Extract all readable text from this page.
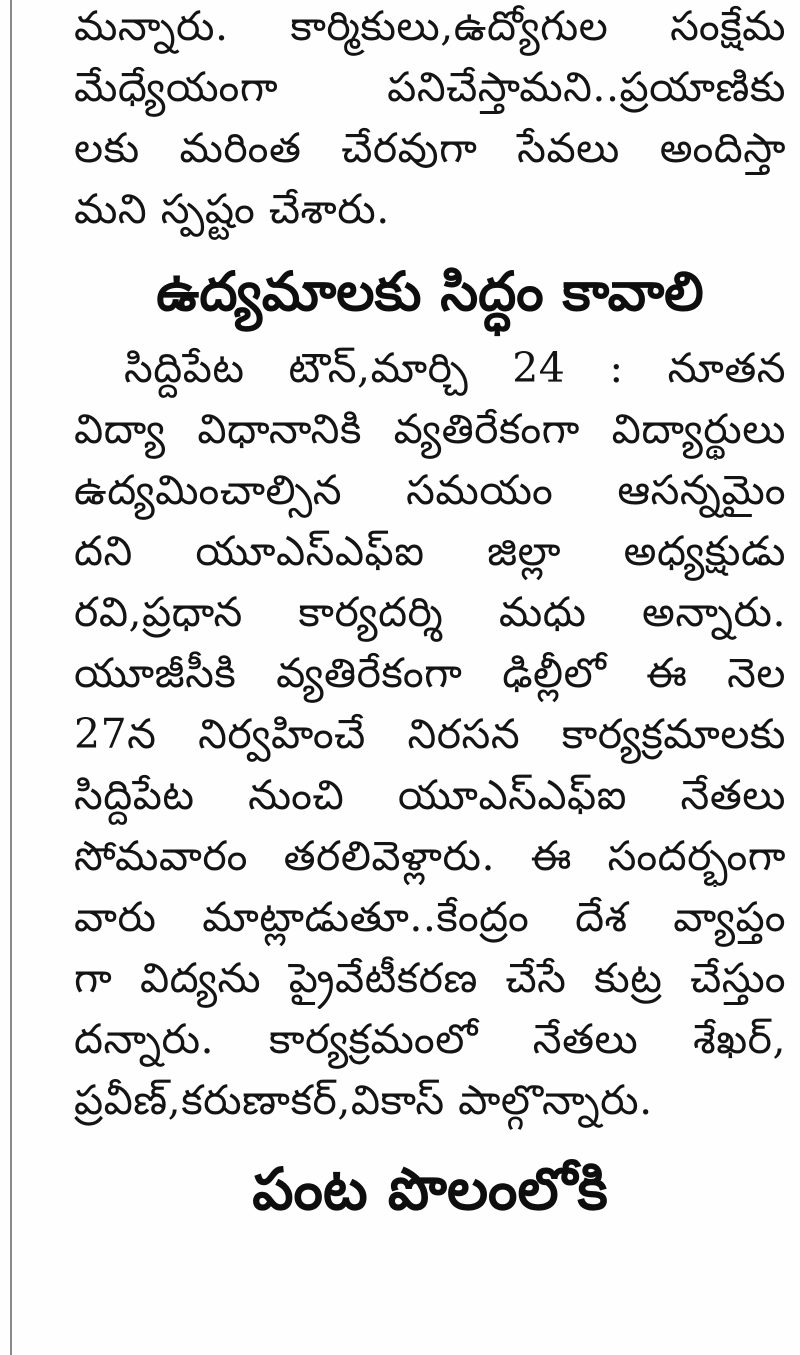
మన్నారు. కార్మికులు,ఉద్యోగుల సంక్షేమ
మేధ్యేయంగా పనిచేస్తామని..ప్రయాణికు
లకు మరింత చేరవుగా సేవలు అందిస్తా
మని స్పష్టం చేశారు.
ఉద్యమాలకు సిద్ధం కావాలి
సిద్దిపేట టౌన్,మార్చి 24 : నూతన
విద్యా విధానానికి వ్యతిరేకంగా విద్యార్థులు
ఉద్యమించాల్సిన సమయం ఆసన్నమైం
దని యూఎస్ఎఫ్ఐ జిల్లా అధ్యక్షుడు
రవి,ప్రధాన కార్యదర్శి మధు అన్నారు.
యూజీసీకి వ్యతిరేకంగా ఢిల్లీలో ఈ నెల
27న నిర్వహించే నిరసన కార్యక్రమాలకు
సిద్దిపేట నుంచి యూఎస్ఎఫ్ఐ నేతలు
సోమవారం తరలివెళ్లారు. ఈ సందర్భంగా
వారు మాట్లాడుతూ..కేంద్రం దేశ వ్యాప్తం
గా విద్యను ప్రైవేటీకరణ చేసే కుట్ర చేస్తుం
దన్నారు. కార్యక్రమంలో నేతలు శేఖర్,
ప్రవీణ్,కరుణాకర్,వికాస్ పాల్గొన్నారు.
పంట పొలంలోకి
